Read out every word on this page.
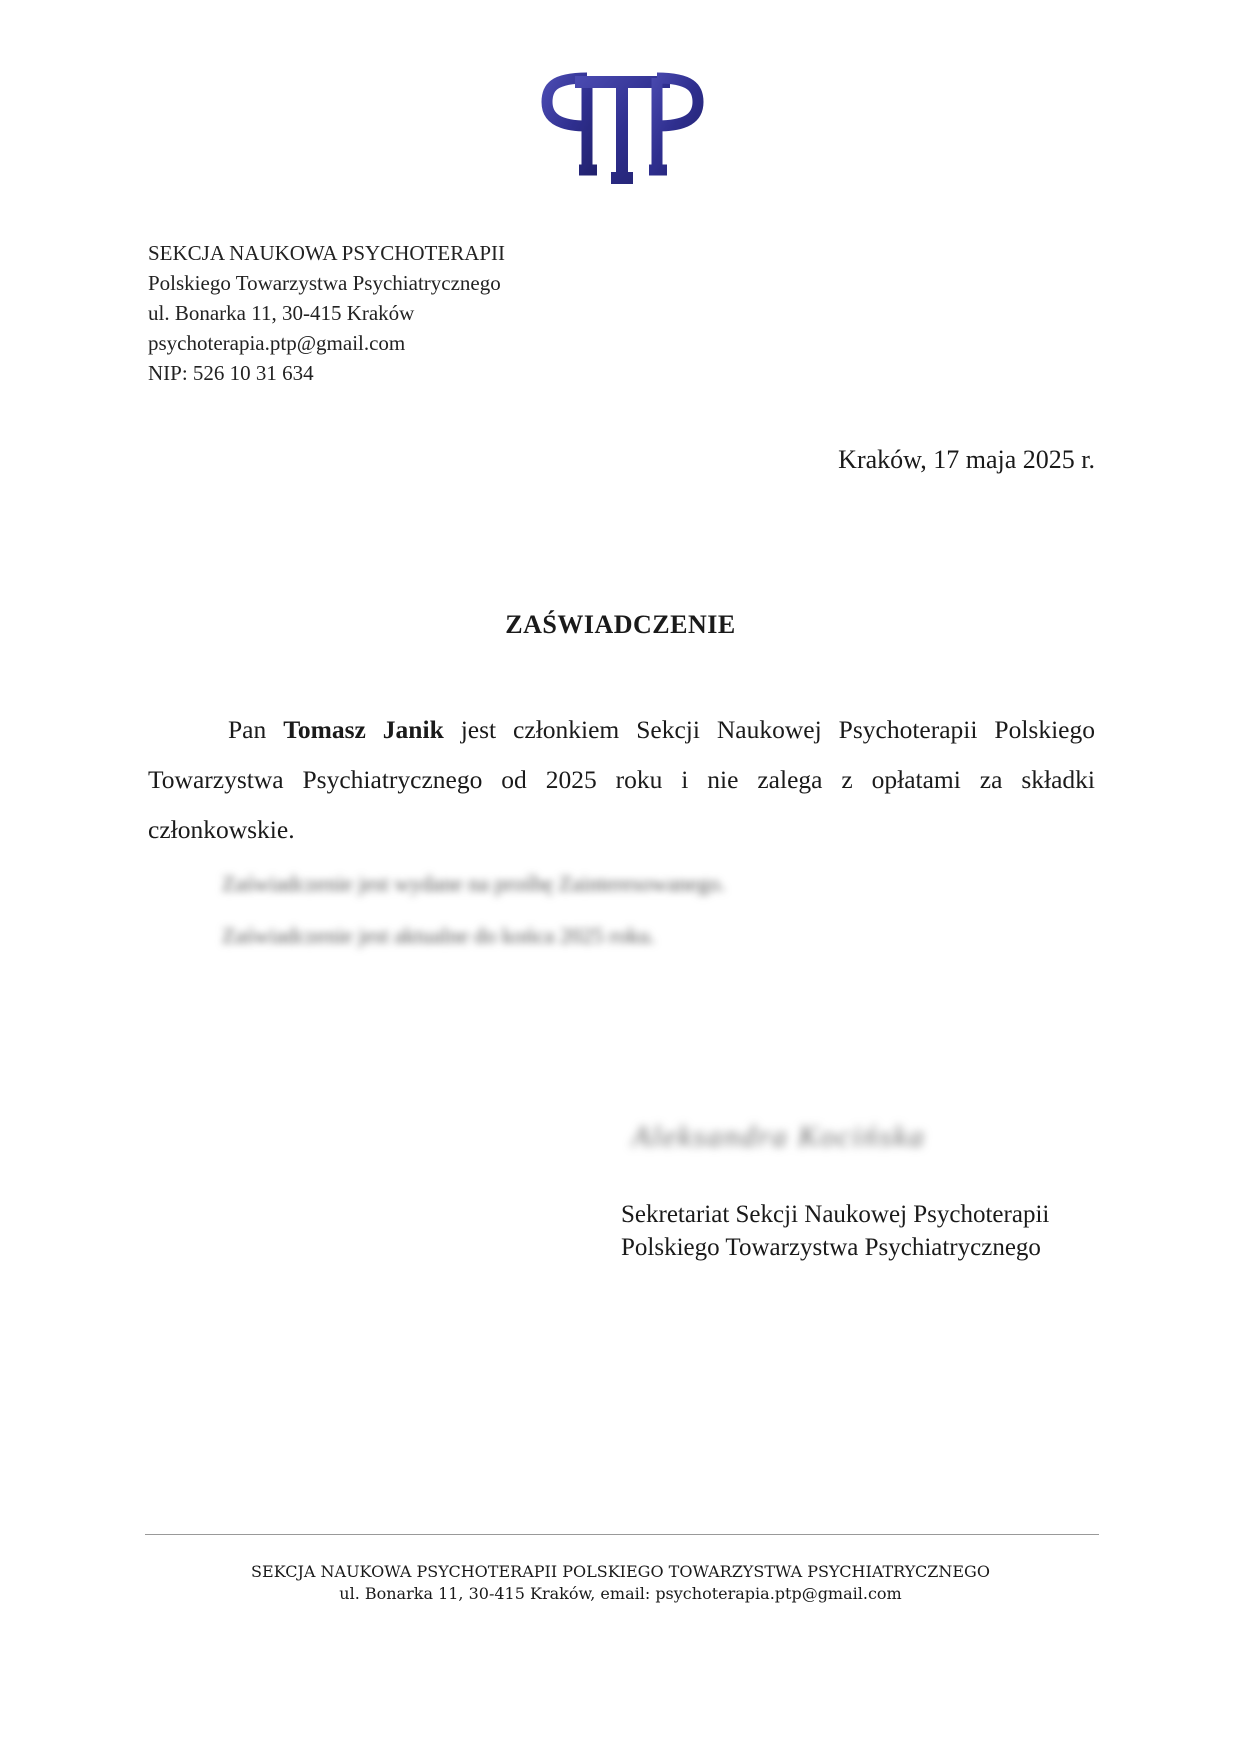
SEKCJA NAUKOWA PSYCHOTERAPII
Polskiego Towarzystwa Psychiatrycznego
ul. Bonarka 11, 30-415 Kraków
psychoterapia.ptp@gmail.com
NIP: 526 10 31 634
Kraków, 17 maja 2025 r.
ZAŚWIADCZENIE
Pan Tomasz Janik jest członkiem Sekcji Naukowej Psychoterapii Polskiego Towarzystwa Psychiatrycznego od 2025 roku i nie zalega z opłatami za składki członkowskie.
Zaświadczenie jest wydane na prośbę Zainteresowanego.
Zaświadczenie jest aktualne do końca 2025 roku.
Aleksandra Kocińska
Sekretariat Sekcji Naukowej Psychoterapii
Polskiego Towarzystwa Psychiatrycznego
SEKCJA NAUKOWA PSYCHOTERAPII POLSKIEGO TOWARZYSTWA PSYCHIATRYCZNEGO
ul. Bonarka 11, 30-415 Kraków, email: psychoterapia.ptp@gmail.com
